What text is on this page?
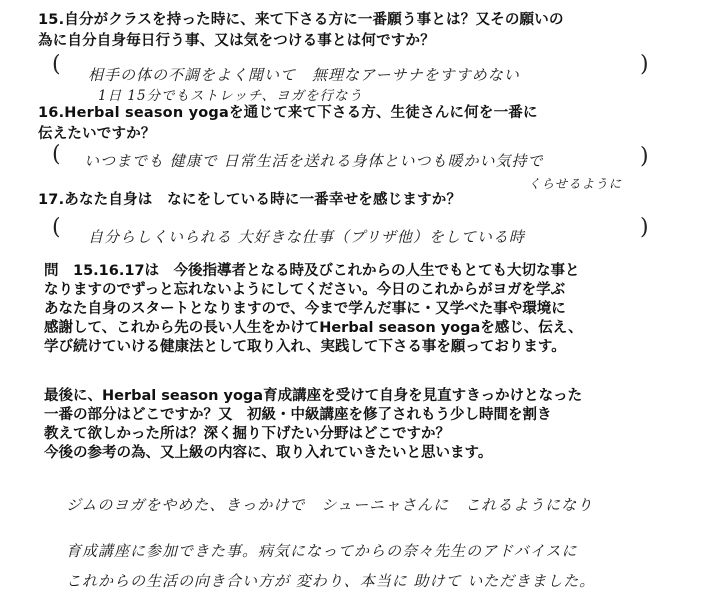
15.自分がクラスを持った時に、来て下さる方に一番願う事とは？又その願いの
為に自分自身毎日行う事、又は気をつける事とは何ですか？
( 相手の体の不調をよく聞いて　無理なアーサナをすすめない
1日 15分でもストレッチ、ヨガを行なう
)
16.Herbal season yogaを通じて来て下さる方、生徒さんに何を一番に
伝えたいですか？
( いつまでも 健康で 日常生活を送れる身体といつも暖かい気持で
くらせるように
)
17.あなた自身は　なにをしている時に一番幸せを感じますか？
( 自分らしくいられる 大好きな仕事（プリザ他）をしている時	)
問　15.16.17は　今後指導者となる時及びこれからの人生でもとても大切な事と
なりますのでずっと忘れないようにしてください。今日のこれからがヨガを学ぶ
あなた自身のスタートとなりますので、今まで学んだ事に・又学べた事や環境に
感謝して、これから先の長い人生をかけてHerbal season yogaを感じ、伝え、
学び続けていける健康法として取り入れ、実践して下さる事を願っております。
最後に、Herbal season yoga育成講座を受けて自身を見直すきっかけとなった
一番の部分はどこですか？又　初級・中級講座を修了されもう少し時間を割き
教えて欲しかった所は？深く掘り下げたい分野はどこですか？
今後の参考の為、又上級の内容に、取り入れていきたいと思います。
ジムのヨガをやめた、きっかけで　シューニャさんに　これるようになり
育成講座に参加できた事。病気になってからの奈々先生のアドバイスに
これからの生活の向き合い方が 変わり、本当に 助けて いただきました。
